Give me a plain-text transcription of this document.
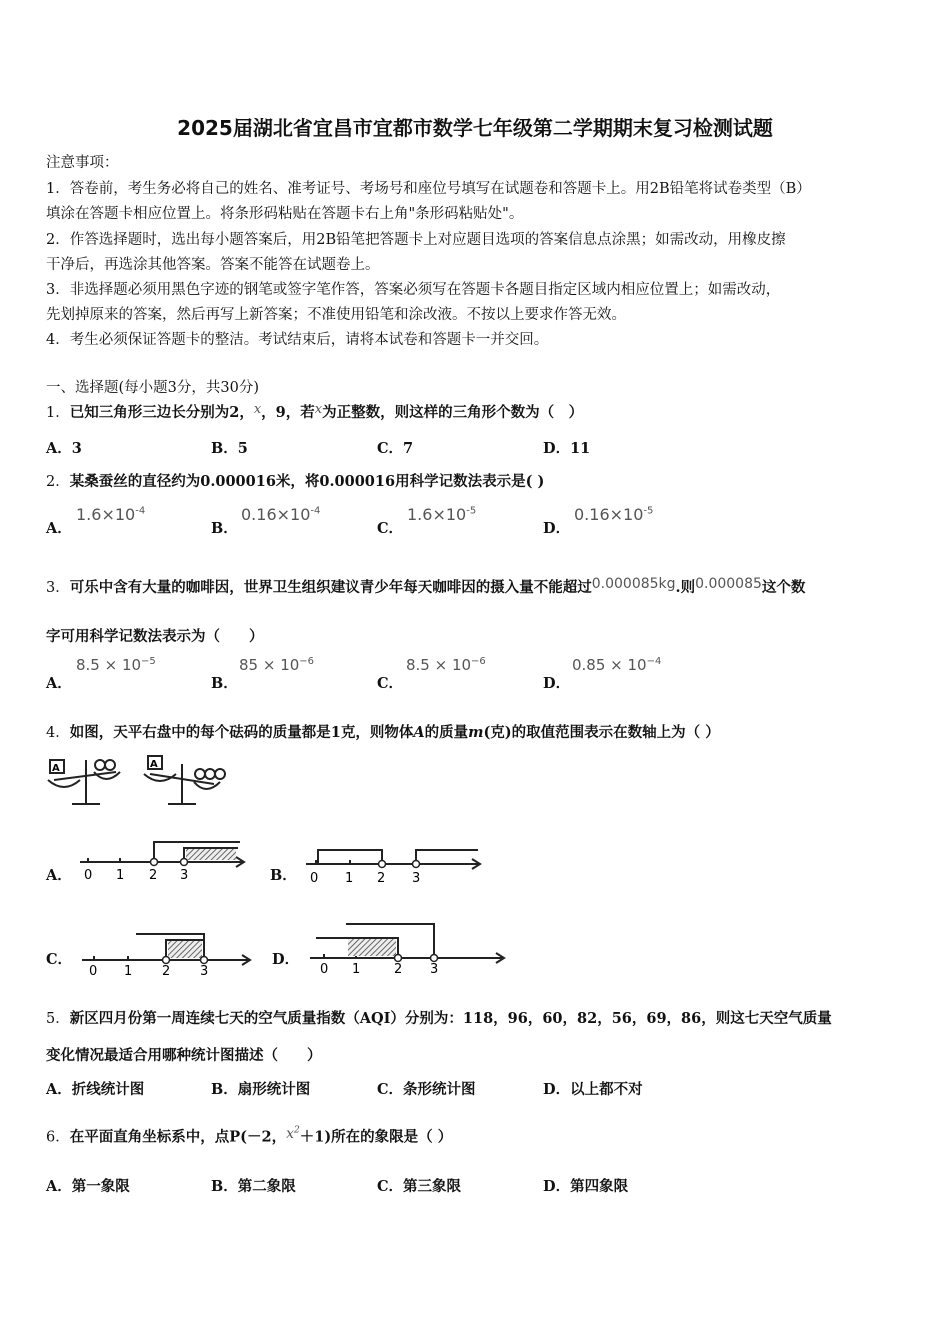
2025届湖北省宜昌市宜都市数学七年级第二学期期末复习检测试题
注意事项：
1．答卷前，考生务必将自己的姓名、准考证号、考场号和座位号填写在试题卷和答题卡上。用2B铅笔将试卷类型（B）
填涂在答题卡相应位置上。将条形码粘贴在答题卡右上角"条形码粘贴处"。
2．作答选择题时，选出每小题答案后，用2B铅笔把答题卡上对应题目选项的答案信息点涂黑；如需改动，用橡皮擦
干净后，再选涂其他答案。答案不能答在试题卷上。
3．非选择题必须用黑色字迹的钢笔或签字笔作答，答案必须写在答题卡各题目指定区域内相应位置上；如需改动，
先划掉原来的答案，然后再写上新答案；不准使用铅笔和涂改液。不按以上要求作答无效。
4．考生必须保证答题卡的整洁。考试结束后，请将本试卷和答题卡一并交回。
一、选择题(每小题3分，共30分)
1．已知三角形三边长分别为2，x，9，若x为正整数，则这样的三角形个数为（　）
A．3	B．5	C．7	D．11
2．某桑蚕丝的直径约为0.000016米，将0.000016用科学记数法表示是( )
A．
$1.6\times 10^{-4}$
B．
$0.16\times 10^{-4}$
C．
$1.6\times 10^{-5}$
D．
$0.16\times 10^{-5}$
3．可乐中含有大量的咖啡因，世界卫生组织建议青少年每天咖啡因的摄入量不能超过0.000085kg.则0.000085这个数
字可用科学记数法表示为（　　）
A．
$8.5 \times 10^{-5}$
B．
$85 \times 10^{-6}$
C．
$8.5 \times 10^{-6}$
D．
$0.85 \times 10^{-4}$
4．如图，天平右盘中的每个砝码的质量都是1克，则物体A的质量m(克)的取值范围表示在数轴上为（ ）
A	A
A． 0 1 2 3	B． 0 1 2 3
C．
0 1 2 3
D．
0 1	2 3
5．新区四月份第一周连续七天的空气质量指数（AQI）分别为：118，96，60，82，56，69，86，则这七天空气质量
变化情况最适合用哪种统计图描述（　　）
A．折线统计图	B．扇形统计图	C．条形统计图	D．以上都不对
6．在平面直角坐标系中，点P(－2，$x^2+1$)所在的象限是（ ）
A．第一象限	B．第二象限	C．第三象限	D．第四象限
